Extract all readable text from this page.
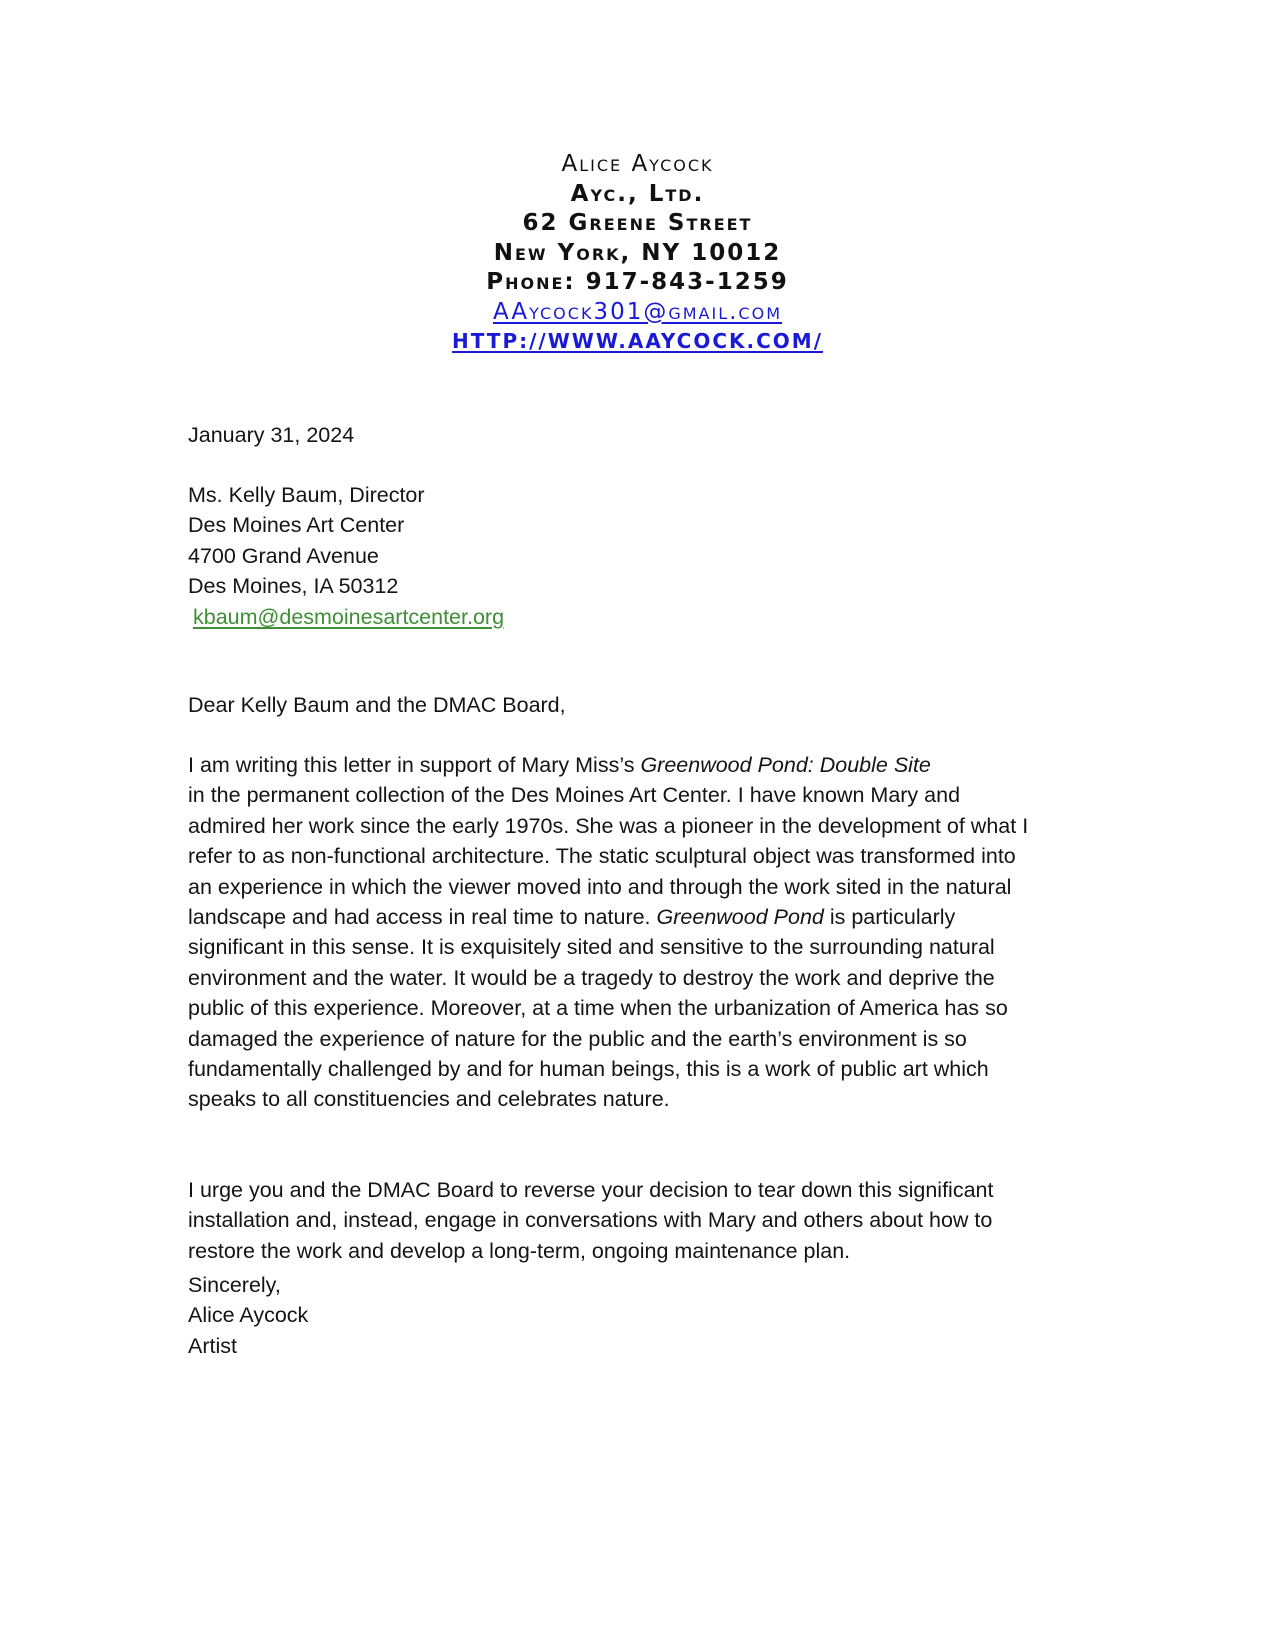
Alice Aycock
Ayc., Ltd.
62 Greene Street
New York, NY 10012
Phone: 917-843-1259
AAycock301@gmail.com
HTTP://WWW.AAYCOCK.COM/
January 31, 2024
Ms. Kelly Baum, Director
Des Moines Art Center
4700 Grand Avenue
Des Moines, IA 50312
kbaum@desmoinesartcenter.org
Dear Kelly Baum and the DMAC Board,
I am writing this letter in support of Mary Miss’s Greenwood Pond: Double Site
in the permanent collection of the Des Moines Art Center. I have known Mary and
admired her work since the early 1970s. She was a pioneer in the development of what I
refer to as non-functional architecture. The static sculptural object was transformed into
an experience in which the viewer moved into and through the work sited in the natural
landscape and had access in real time to nature. Greenwood Pond is particularly
significant in this sense. It is exquisitely sited and sensitive to the surrounding natural
environment and the water. It would be a tragedy to destroy the work and deprive the
public of this experience. Moreover, at a time when the urbanization of America has so
damaged the experience of nature for the public and the earth’s environment is so
fundamentally challenged by and for human beings, this is a work of public art which
speaks to all constituencies and celebrates nature.
I urge you and the DMAC Board to reverse your decision to tear down this significant
installation and, instead, engage in conversations with Mary and others about how to
restore the work and develop a long-term, ongoing maintenance plan.
Sincerely,
Alice Aycock
Artist
